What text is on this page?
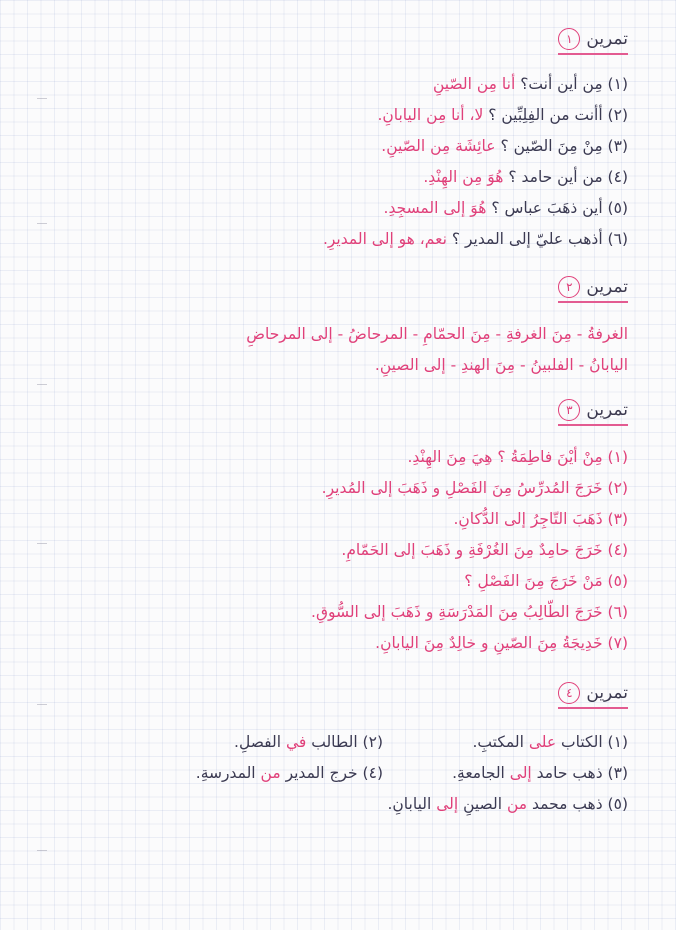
تمرين
١
(١) مِن أين أنت؟ أنا مِن الصّينِ
(٢) أأنت من الفِلِبِّين ؟ لا، أنا مِن اليابانِ.
(٣) مِنْ مِنَ الصّين ؟ عائِشَة مِن الصّينِ.
(٤) من أين حامد ؟ هُوَ مِن الهِنْدِ.
(٥) أين ذهَبَ عباس ؟ هُوَ إلى المسجِدِ.
(٦) أذهب عليّ إلى المدير ؟ نعم، هو إلى المديرِ.
تمرين
٢
الغرفةُ - مِنَ الغرفةِ - مِنَ الحمّامِ - المرحاضُ - إلى المرحاضِ
اليابانُ - الفلبينُ - مِنَ الهندِ - إلى الصينِ.
تمرين
٣
(١) مِنْ أيْنَ فاطِمَةُ ؟ هِيَ مِنَ الهِنْدِ.
(٢) خَرَجَ المُدرِّسُ مِنَ الفَصْلِ و ذَهَبَ إلى المُديرِ.
(٣) ذَهَبَ التّاجِرُ إلى الدُّكانِ.
(٤) خَرَجَ حامِدٌ مِنَ الغُرْفَةِ و ذَهَبَ إلى الحَمّامِ.
(٥) مَنْ خَرَجَ مِنَ الفَصْلِ ؟
(٦) خَرَجَ الطّالِبُ مِنَ المَدْرَسَةِ و ذَهَبَ إلى السُّوقِ.
(٧) خَدِيجَةُ مِنَ الصّينِ و خالِدٌ مِنَ اليابانِ.
تمرين
٤
(١) الكتاب على المكتبِ.
(٢) الطالب في الفصلِ.
(٣) ذهب حامد إلى الجامعةِ.
(٤) خرج المدير من المدرسةِ.
(٥) ذهب محمد من الصينِ إلى اليابانِ.
